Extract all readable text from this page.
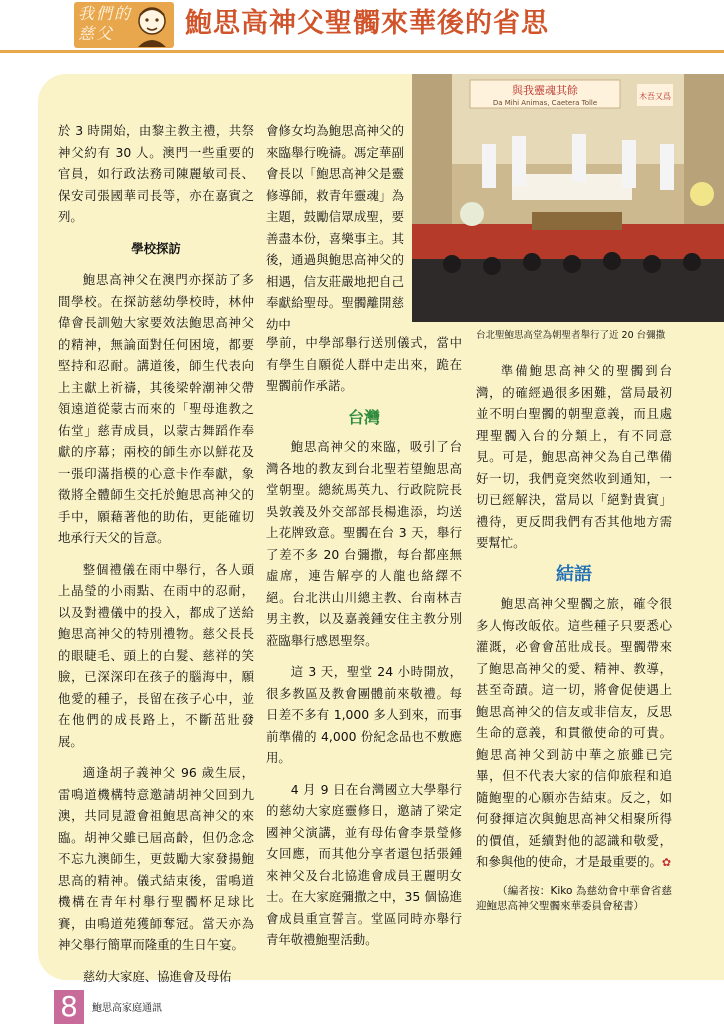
我們的慈父	鮑思高神父聖髑來華後的省思

於 3 時開始，由黎主教主禮，共祭神父約有 30 人。澳門一些重要的官員，如行政法務司陳麗敏司長、保安司張國華司長等，亦在嘉賓之列。

學校探訪

鮑思高神父在澳門亦探訪了多間學校。在探訪慈幼學校時，林仲偉會長訓勉大家要效法鮑思高神父的精神，無論面對任何困境，都要堅持和忍耐。講道後，師生代表向上主獻上祈禱，其後梁幹潮神父帶領遠道從蒙古而來的「聖母進教之佑堂」慈青成員，以蒙古舞蹈作奉獻的序幕；兩校的師生亦以鮮花及一張印滿指模的心意卡作奉獻，象徵將全體師生交托於鮑思高神父的手中，願藉著他的助佑，更能確切地承行天父的旨意。

整個禮儀在雨中舉行，各人頭上晶瑩的小雨點、在雨中的忍耐，以及對禮儀中的投入，都成了送給鮑思高神父的特別禮物。慈父長長的眼睫毛、頭上的白髮、慈祥的笑臉，已深深印在孩子的腦海中，願他愛的種子，長留在孩子心中，並在他們的成長路上，不斷茁壯發展。

適逢胡子義神父 96 歲生辰，雷鳴道機構特意邀請胡神父回到九澳，共同見證會祖鮑思高神父的來臨。胡神父雖已屆高齡，但仍念念不忘九澳師生，更鼓勵大家發揚鮑思高的精神。儀式結束後，雷鳴道機構在青年村舉行聖髑杯足球比賽，由鳴道苑獲師奪冠。當天亦為神父舉行簡單而隆重的生日午宴。

慈幼大家庭、協進會及母佑

會修女均為鮑思高神父的來臨舉行晚禱。馮定華副會長以「鮑思高神父是靈修導師，救青年靈魂」為主題，鼓勵信眾成聖，要善盡本份，喜樂事主。其後，通過與鮑思高神父的相遇，信友莊嚴地把自己奉獻給聖母。聖髑離開慈幼中

學前，中學部舉行送別儀式，當中有學生自願從人群中走出來，跪在聖髑前作承諾。

台灣

鮑思高神父的來臨，吸引了台灣各地的教友到台北聖若望鮑思高堂朝聖。總統馬英九、行政院院長吳敦義及外交部部長楊進添，均送上花牌致意。聖髑在台 3 天，舉行了差不多 20 台彌撒，每台都座無虛席，連告解亭的人龍也絡繹不絕。台北洪山川總主教、台南林吉男主教，以及嘉義鍾安住主教分別蒞臨舉行感恩聖祭。

這 3 天，聖堂 24 小時開放，很多教區及教會團體前來敬禮。每日差不多有 1,000 多人到來，而事前準備的 4,000 份紀念品也不敷應用。

4 月 9 日在台灣國立大學舉行的慈幼大家庭靈修日，邀請了梁定國神父演講，並有母佑會李景瑩修女回應，而其他分享者還包括張鍾來神父及台北協進會成員王麗明女士。在大家庭彌撒之中，35 個協進會成員重宣誓言。堂區同時亦舉行青年敬禮鮑聖活動。

與我靈魂其餘
Da Mihi Animas, Caetera Tolle
木吾又爲
台北聖鮑思高堂為朝聖者舉行了近 20 台彌撒

準備鮑思高神父的聖髑到台灣，的確經過很多困難，當局最初並不明白聖髑的朝聖意義，而且處理聖髑入台的分類上，有不同意見。可是，鮑思高神父為自己準備好一切，我們竟突然收到通知，一切已經解決，當局以「絕對貴賓」禮待，更反問我們有否其他地方需要幫忙。

結語

鮑思高神父聖髑之旅，確令很多人悔改皈依。這些種子只要悉心灌溉，必會會茁壯成長。聖髑帶來了鮑思高神父的愛、精神、教導，甚至奇蹟。這一切，將會促使遇上鮑思高神父的信友或非信友，反思生命的意義，和貫徹使命的可貴。鮑思高神父到訪中華之旅雖已完畢，但不代表大家的信仰旅程和追隨鮑聖的心願亦告結束。反之，如何發揮這次與鮑思高神父相聚所得的價值，延續對他的認識和敬愛，和參與他的使命，才是最重要的。✿

（編者按：Kiko 為慈幼會中華會省慈迎鮑思高神父聖髑來華委員會秘書）
8	鮑思高家庭通訊
